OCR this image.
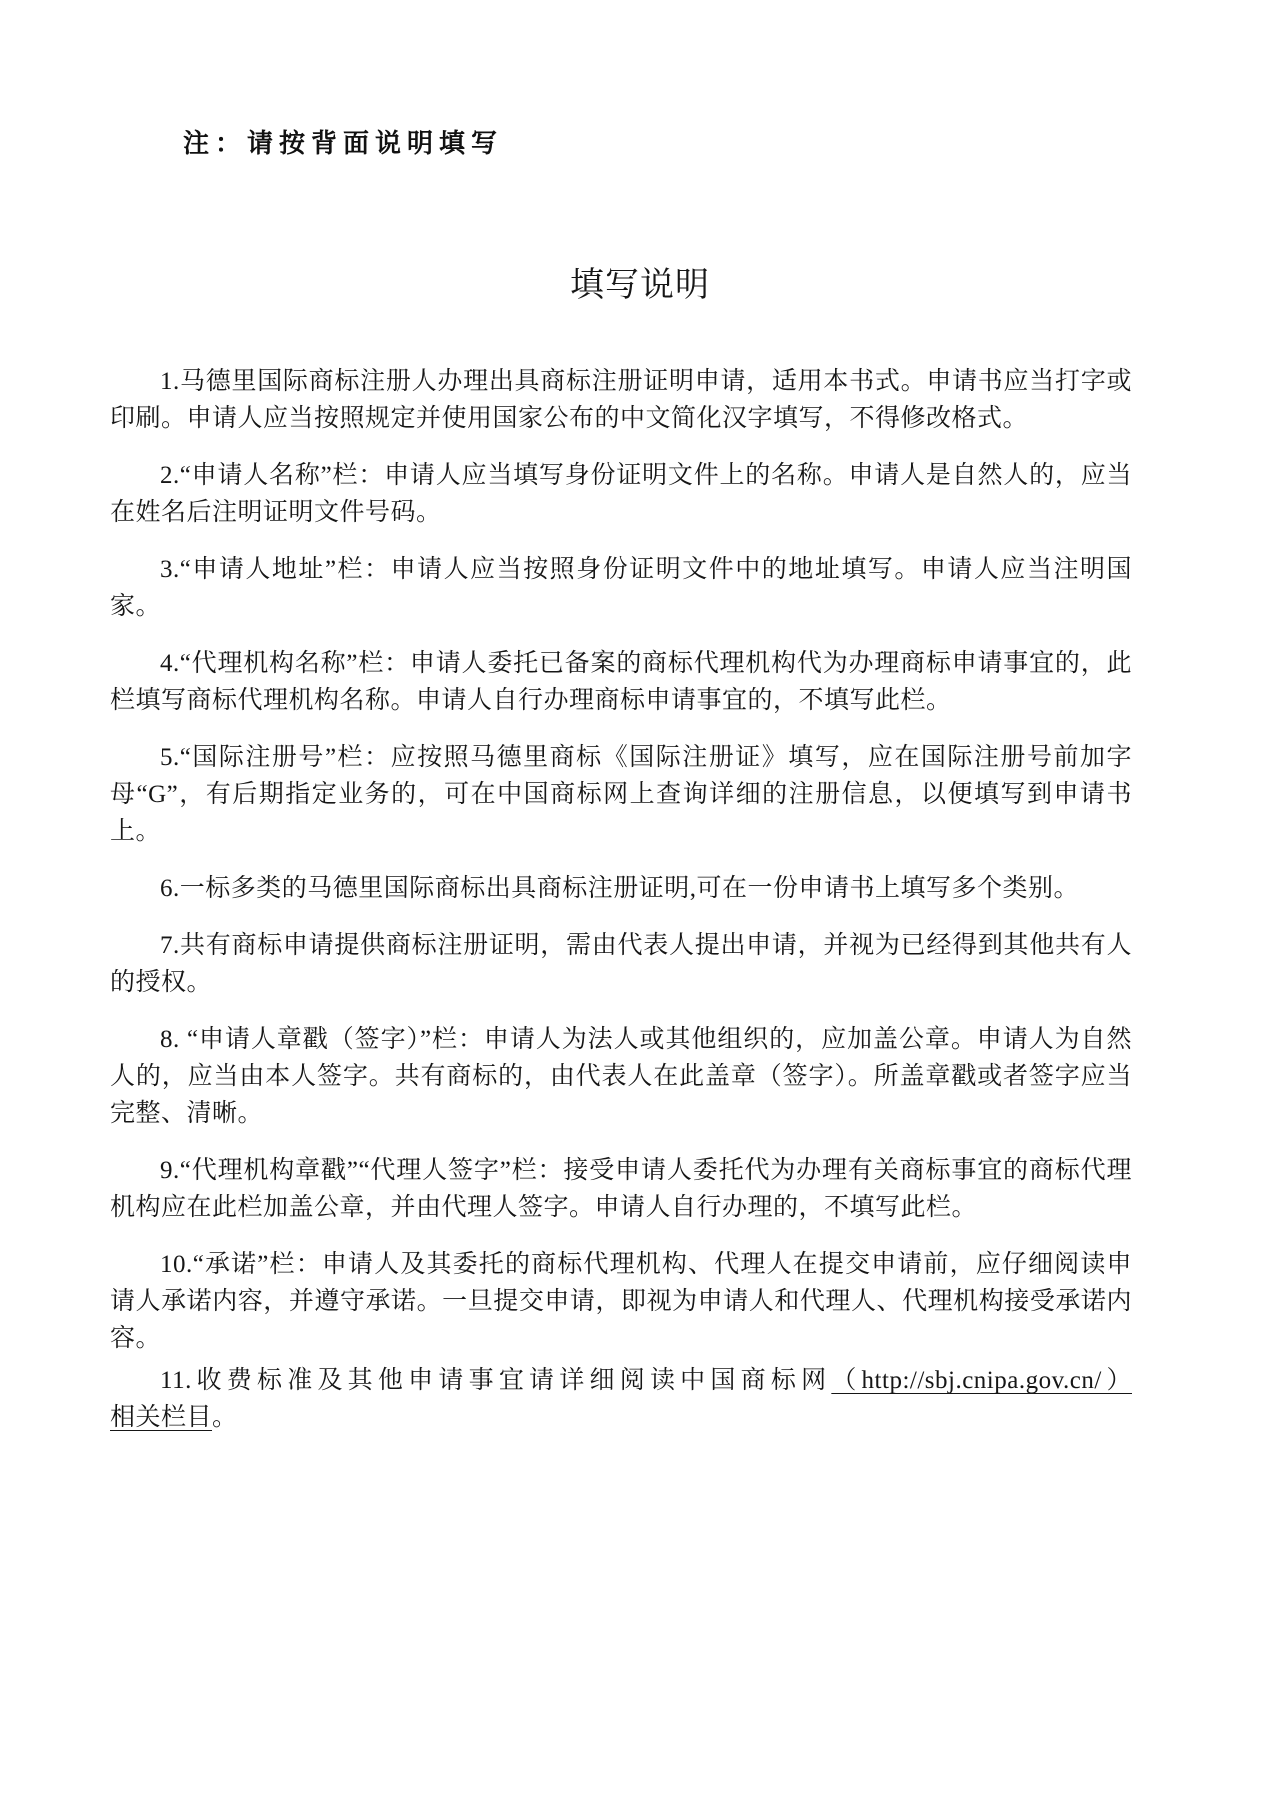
注：请按背面说明填写
填写说明

1.马德里国际商标注册人办理出具商标注册证明申请，适用本书式。申请书应当打字或印刷。申请人应当按照规定并使用国家公布的中文简化汉字填写，不得修改格式。

2.“申请人名称”栏：申请人应当填写身份证明文件上的名称。申请人是自然人的，应当在姓名后注明证明文件号码。

3.“申请人地址”栏：申请人应当按照身份证明文件中的地址填写。申请人应当注明国家。

4.“代理机构名称”栏：申请人委托已备案的商标代理机构代为办理商标申请事宜的，此栏填写商标代理机构名称。申请人自行办理商标申请事宜的，不填写此栏。

5.“国际注册号”栏：应按照马德里商标《国际注册证》填写，应在国际注册号前加字母“G”，有后期指定业务的，可在中国商标网上查询详细的注册信息，以便填写到申请书上。

6.一标多类的马德里国际商标出具商标注册证明,可在一份申请书上填写多个类别。

7.共有商标申请提供商标注册证明，需由代表人提出申请，并视为已经得到其他共有人的授权。

8. “申请人章戳（签字）”栏：申请人为法人或其他组织的，应加盖公章。申请人为自然人的，应当由本人签字。共有商标的，由代表人在此盖章（签字）。所盖章戳或者签字应当完整、清晰。

9.“代理机构章戳”“代理人签字”栏：接受申请人委托代为办理有关商标事宜的商标代理机构应在此栏加盖公章，并由代理人签字。申请人自行办理的，不填写此栏。

10.“承诺”栏：申请人及其委托的商标代理机构、代理人在提交申请前，应仔细阅读申请人承诺内容，并遵守承诺。一旦提交申请，即视为申请人和代理人、代理机构接受承诺内容。

11.收费标准及其他申请事宜请详细阅读中国商标网（http://sbj.cnipa.gov.cn/）相关栏目。
